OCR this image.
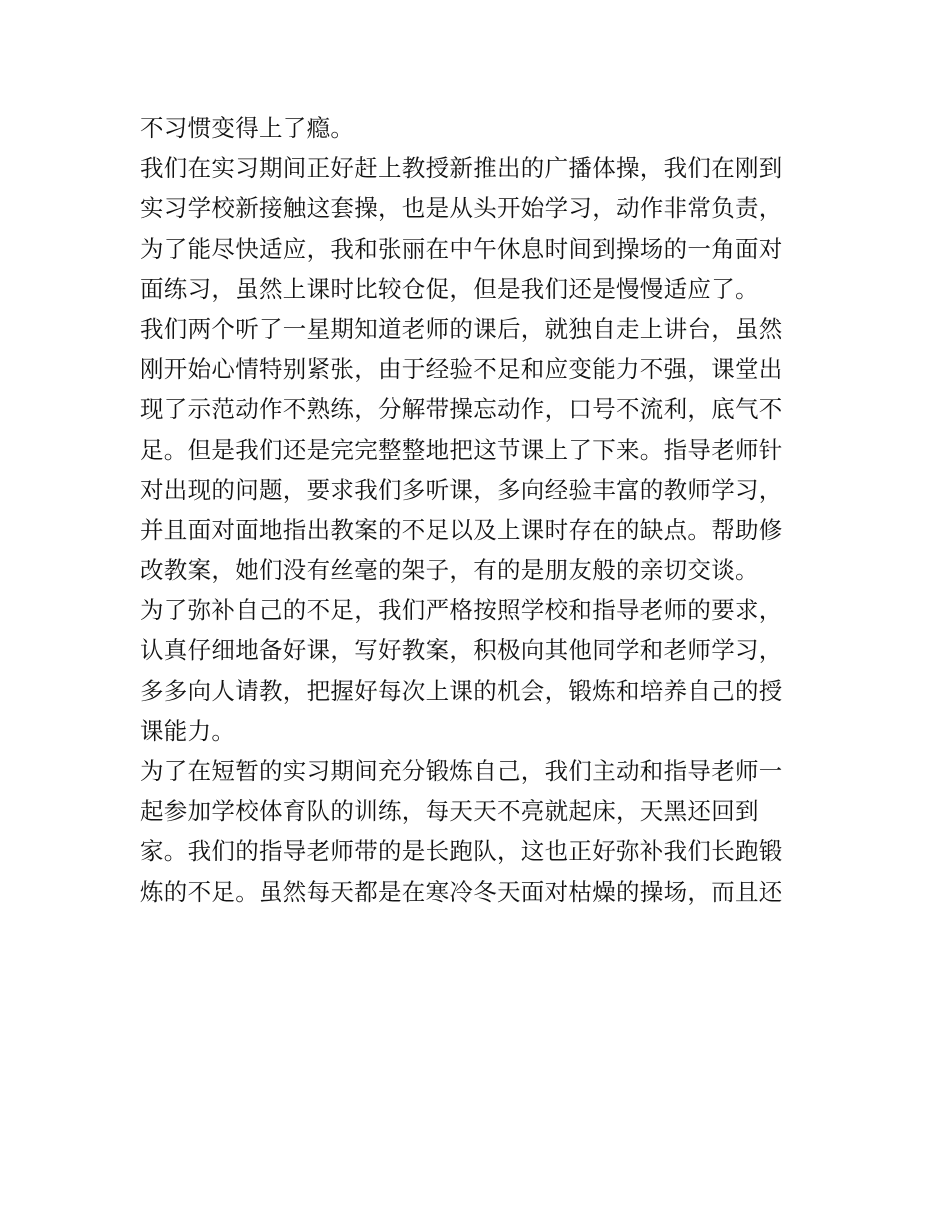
不习惯变得上了瘾。
我们在实习期间正好赶上教授新推出的广播体操，我们在刚到
实习学校新接触这套操，也是从头开始学习，动作非常负责，
为了能尽快适应，我和张丽在中午休息时间到操场的一角面对
面练习，虽然上课时比较仓促，但是我们还是慢慢适应了。
我们两个听了一星期知道老师的课后，就独自走上讲台，虽然
刚开始心情特别紧张，由于经验不足和应变能力不强，课堂出
现了示范动作不熟练，分解带操忘动作，口号不流利，底气不
足。但是我们还是完完整整地把这节课上了下来。指导老师针
对出现的问题，要求我们多听课，多向经验丰富的教师学习，
并且面对面地指出教案的不足以及上课时存在的缺点。帮助修
改教案，她们没有丝毫的架子，有的是朋友般的亲切交谈。
为了弥补自己的不足，我们严格按照学校和指导老师的要求，
认真仔细地备好课，写好教案，积极向其他同学和老师学习，
多多向人请教，把握好每次上课的机会，锻炼和培养自己的授
课能力。
为了在短暂的实习期间充分锻炼自己，我们主动和指导老师一
起参加学校体育队的训练，每天天不亮就起床，天黑还回到
家。我们的指导老师带的是长跑队，这也正好弥补我们长跑锻
炼的不足。虽然每天都是在寒冷冬天面对枯燥的操场，而且还
